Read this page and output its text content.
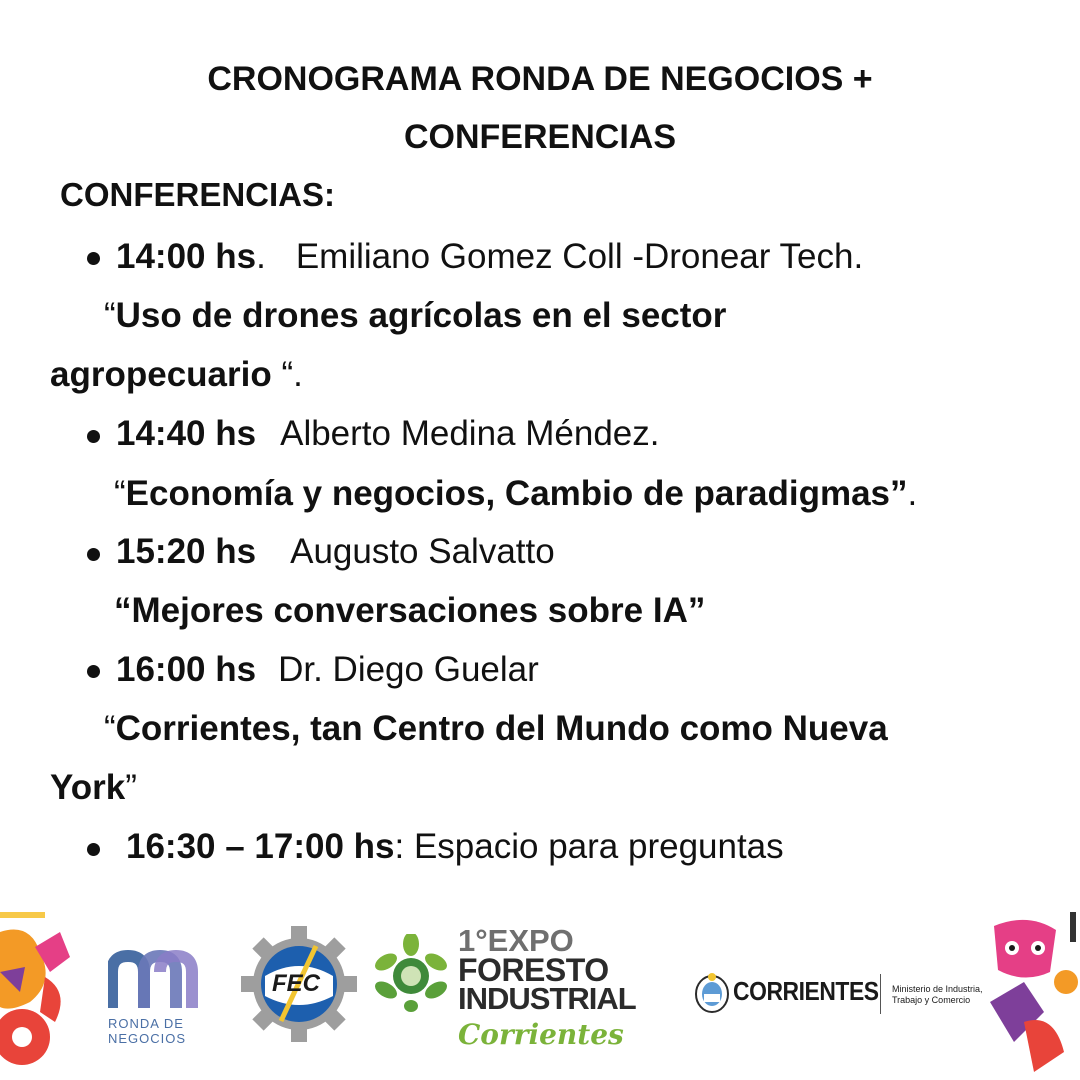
CRONOGRAMA RONDA DE NEGOCIOS +
CONFERENCIAS
CONFERENCIAS:
14:00 hs. Emiliano Gomez Coll -Dronear Tech.
“Uso de drones agrícolas en el sector
agropecuario “.
14:40 hs Alberto Medina Méndez.
“Economía y negocios, Cambio de paradigmas”.
15:20 hs Augusto Salvatto
“Mejores conversaciones sobre IA”
16:00 hs Dr. Diego Guelar
“Corrientes, tan Centro del Mundo como Nueva
York”
16:30 – 17:00 hs: Espacio para preguntas
RONDA DE
NEGOCIOS
FEC
1°EXPO
FORESTO
INDUSTRIAL
Corrientes
CORRIENTES Ministerio de Industria,
Trabajo y Comercio
